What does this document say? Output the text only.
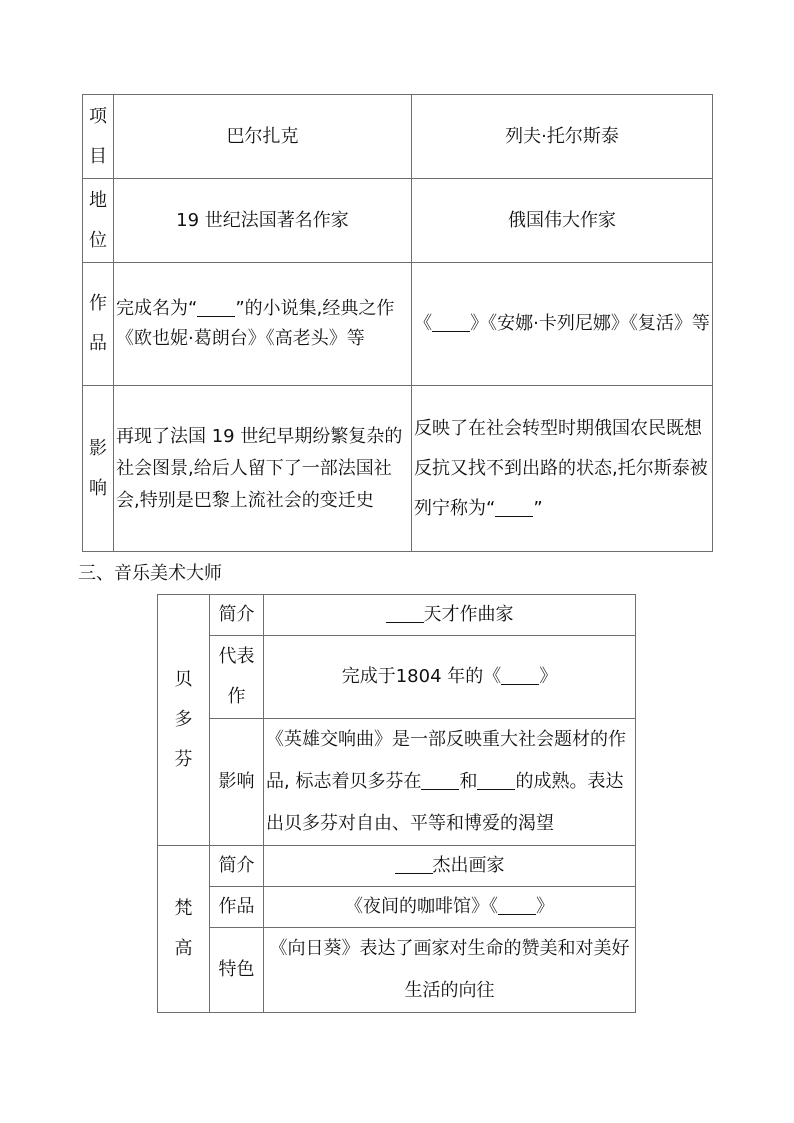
项目	巴尔扎克	列夫·托尔斯泰
地位	19 世纪法国著名作家	俄国伟大作家
作品	完成名为“ ”的小说集,经典之作《欧也妮·葛朗台》《高老头》等	《 》《安娜·卡列尼娜》《复活》等
影响	再现了法国 19 世纪早期纷繁复杂的社会图景,给后人留下了一部法国社会,特别是巴黎上流社会的变迁史	反映了在社会转型时期俄国农民既想反抗又找不到出路的状态,托尔斯泰被列宁称为“ ”
三、音乐美术大师
贝多芬	简介	天才作曲家
	代表作	完成于1804 年的《 》
	影响	《英雄交响曲》是一部反映重大社会题材的作品, 标志着贝多芬在 和 的成熟。表达出贝多芬对自由、平等和博爱的渴望
梵高	简介	杰出画家
	作品	《夜间的咖啡馆》《 》
	特色	《向日葵》表达了画家对生命的赞美和对美好生活的向往
